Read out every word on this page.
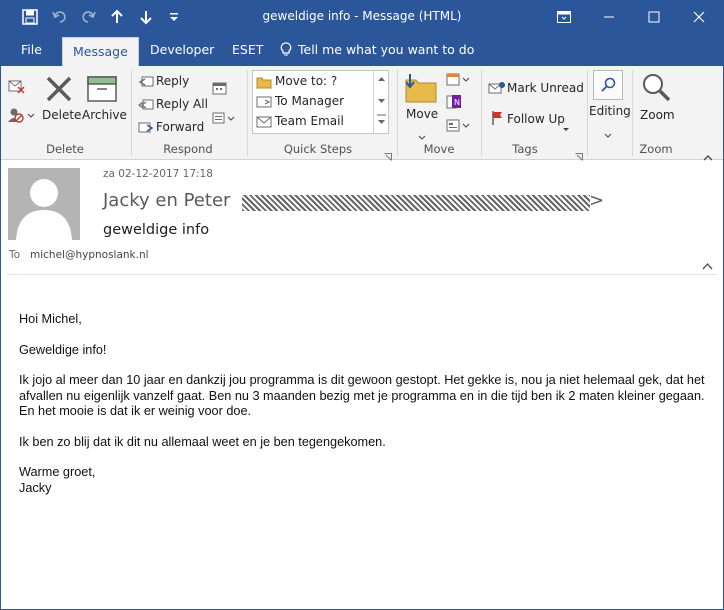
geweldige info - Message (HTML)
File	Message	Developer	ESET	Tell me what you want to do
Delete Archive
Delete
Reply
Reply All
Forward
Respond
Move to: ?
To Manager
Team Email
Quick Steps
Move
N
Move
Mark Unread
Follow Up
Tags
Editing Zoom
Zoom
za 02-12-2017 17:18
Jacky en Peter	>
geweldige info
To michel@hypnoslank.nl

Hoi Michel,

Geweldige info!

Ik jojo al meer dan 10 jaar en dankzij jou programma is dit gewoon gestopt. Het gekke is, nou ja niet helemaal gek, dat het afvallen nu eigenlijk vanzelf gaat. Ben nu 3 maanden bezig met je programma en in die tijd ben ik 2 maten kleiner gegaan. En het mooie is dat ik er weinig voor doe.

Ik ben zo blij dat ik dit nu allemaal weet en je ben tegengekomen.

Warme groet,

Jacky
